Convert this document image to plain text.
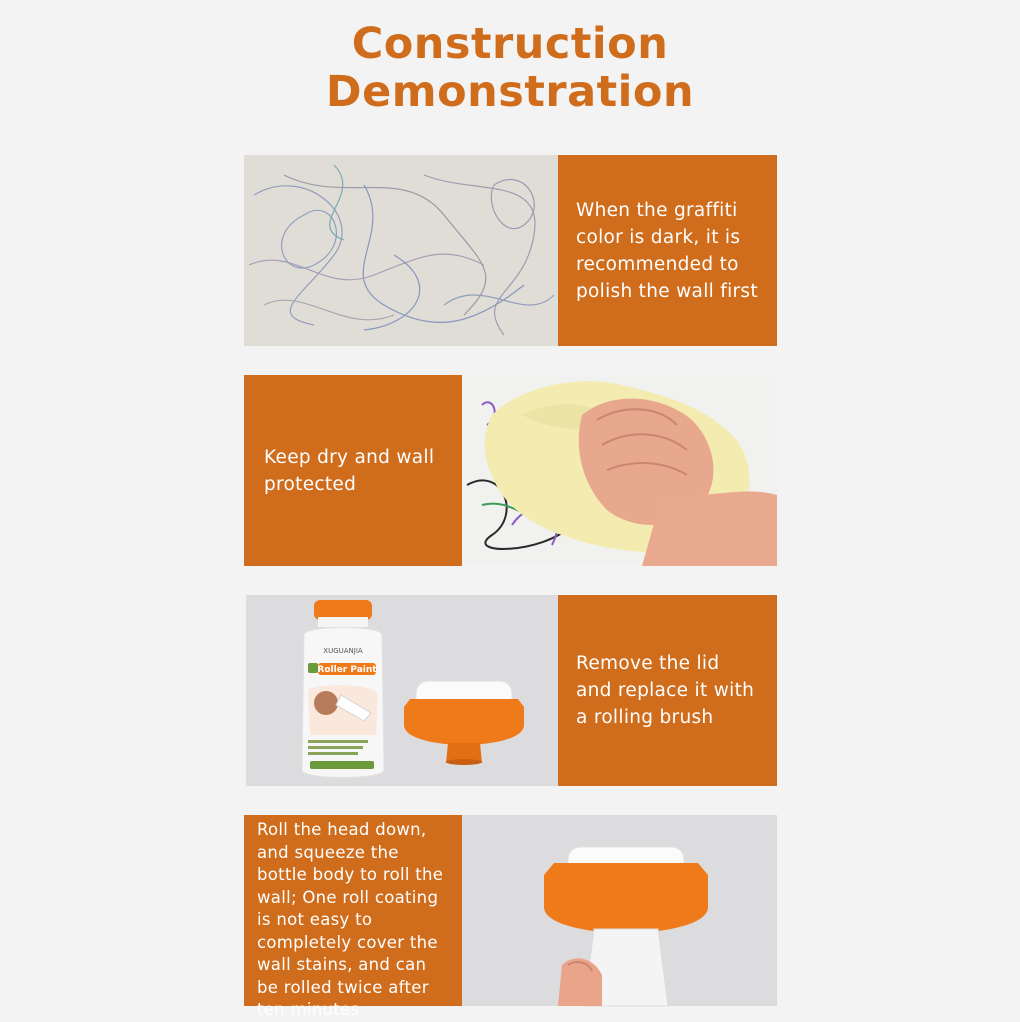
Construction
Demonstration
When the graffiti color is dark, it is recommended to polish the wall first
Keep dry and wall protected
XUGUANJIA
Roller Paint	Remove the lid and replace it with a rolling brush
Roll the head down, and squeeze the bottle body to roll the wall; One roll coating is not easy to completely cover the wall stains, and can be rolled twice after ten minutes
